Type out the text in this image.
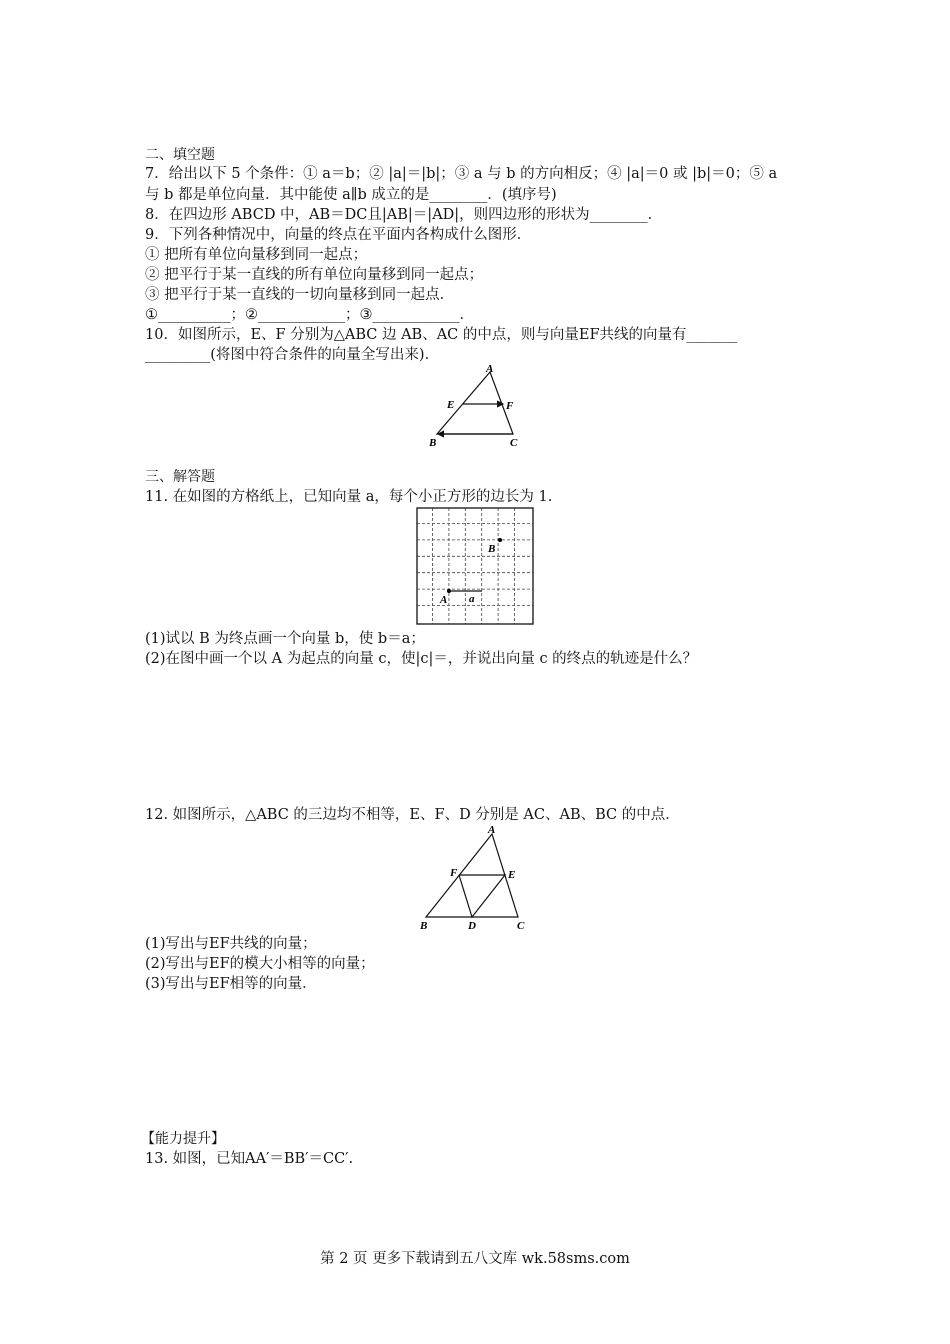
二、填空题
7．给出以下 5 个条件：① a＝b；② |a|＝|b|；③ a 与 b 的方向相反；④ |a|＝0 或 |b|＝0；⑤ a
与 b 都是单位向量．其中能使 a∥b 成立的是________．(填序号)
8．在四边形 ABCD 中，AB＝DC且|AB|＝|AD|，则四边形的形状为________．
9．下列各种情况中，向量的终点在平面内各构成什么图形．
① 把所有单位向量移到同一起点；
② 把平行于某一直线的所有单位向量移到同一起点；
③ 把平行于某一直线的一切向量移到同一起点．
①__________；②____________；③____________．
10．如图所示，E、F 分别为△ABC 边 AB、AC 的中点，则与向量EF共线的向量有_______
_________(将图中符合条件的向量全写出来)．
A
E	F
B	C
三、解答题
11. 在如图的方格纸上，已知向量 a，每个小正方形的边长为 1.
B
A a
(1)试以 B 为终点画一个向量 b，使 b＝a；
(2)在图中画一个以 A 为起点的向量 c，使|c|＝，并说出向量 c 的终点的轨迹是什么？
12. 如图所示，△ABC 的三边均不相等，E、F、D 分别是 AC、AB、BC 的中点．
A
F	E
B	D	C
(1)写出与EF共线的向量；
(2)写出与EF的模大小相等的向量；
(3)写出与EF相等的向量．
【能力提升】
13. 如图，已知AA′＝BB′＝CC′.
第 2 页 更多下载请到五八文库 wk.58sms.com
